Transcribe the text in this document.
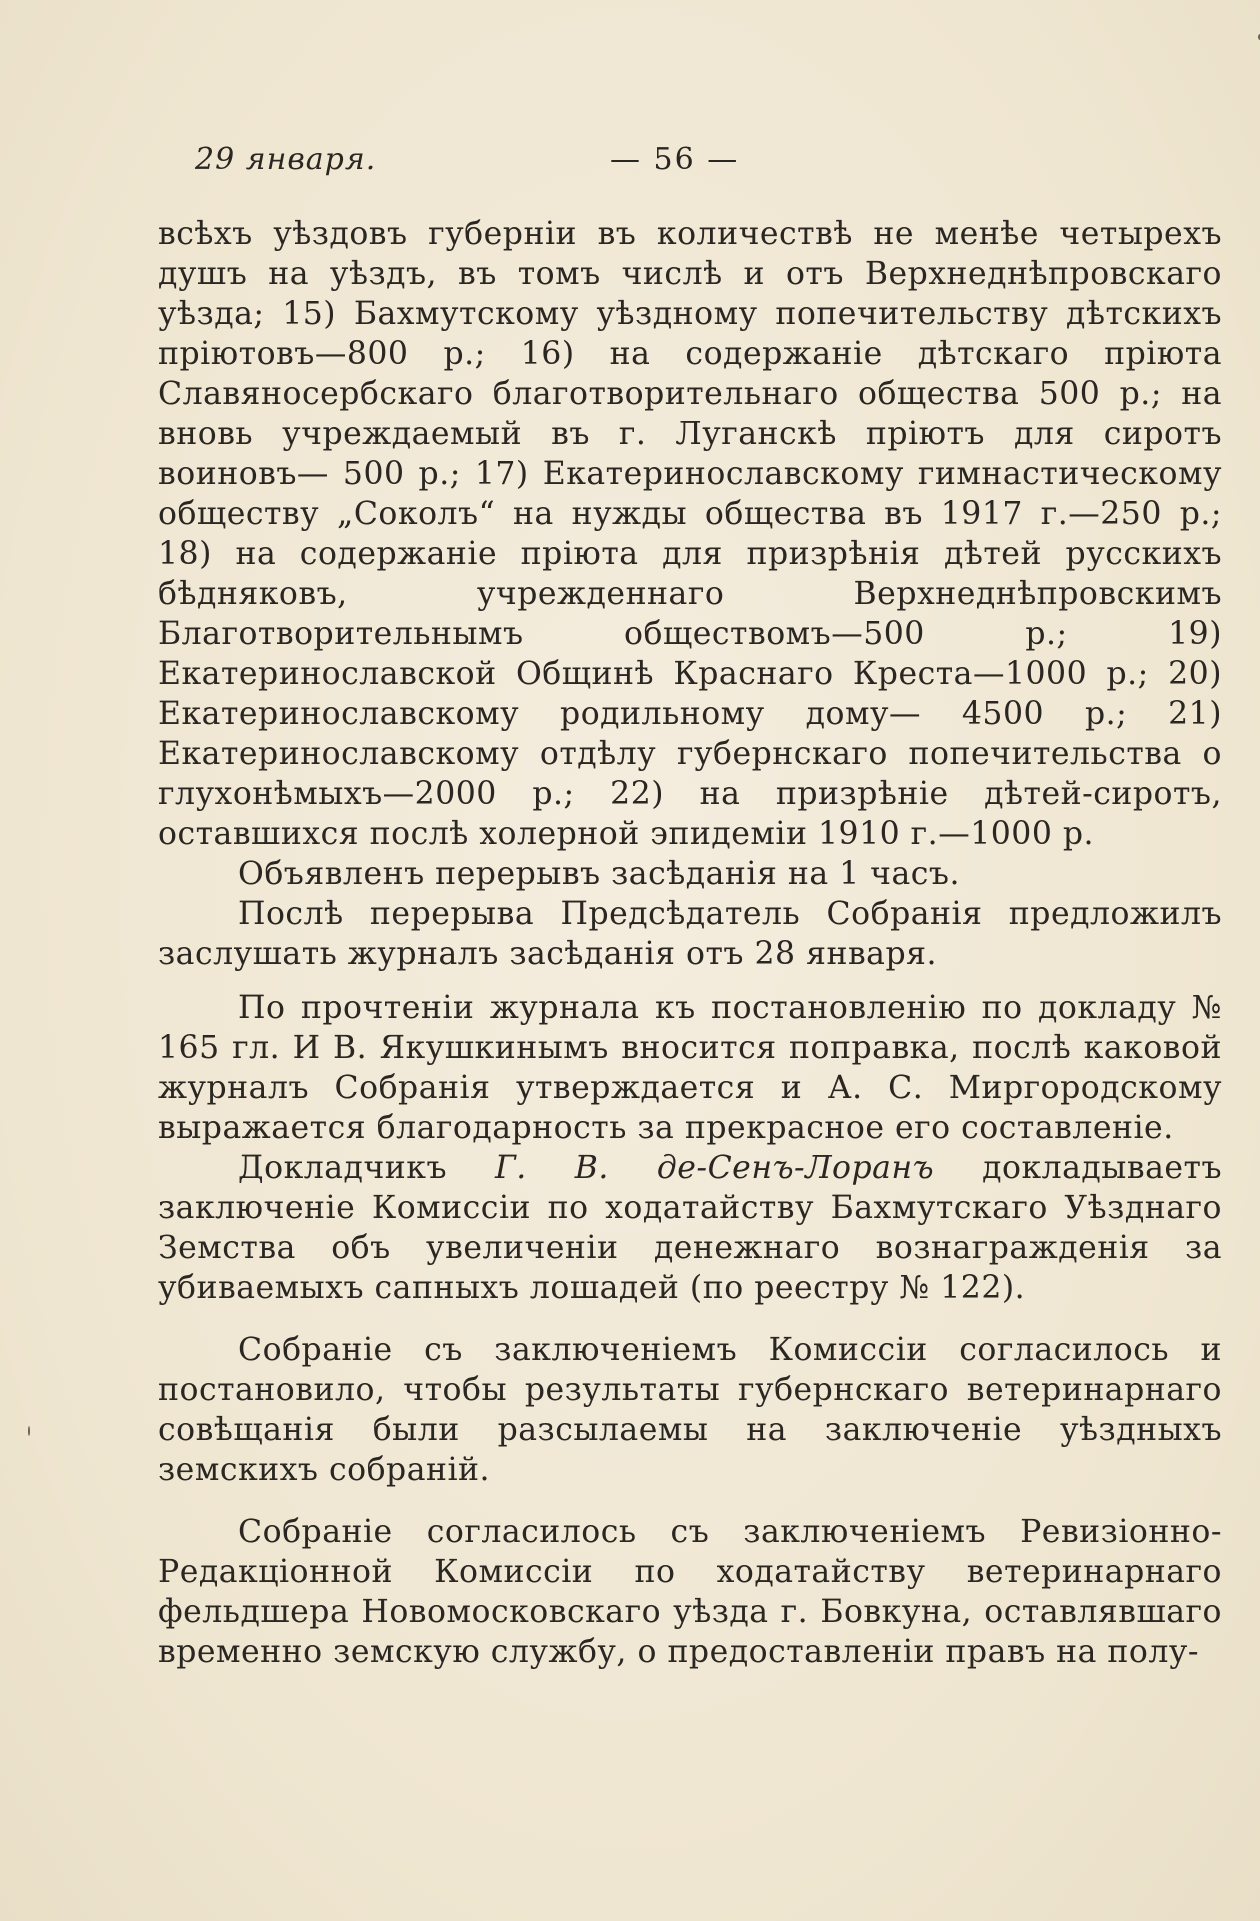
29 января.	— 56 —

всѣхъ уѣздовъ губерніи въ количествѣ не менѣе четырехъ душъ на уѣздъ, въ томъ числѣ и отъ Верхнеднѣпровскаго уѣзда; 15) Бахмутскому уѣздному попечительству дѣтскихъ пріютовъ—800 р.; 16) на содержаніе дѣтскаго пріюта Славяносербскаго благотворительнаго общества 500 р.; на вновь учреждаемый въ г. Луганскѣ пріютъ для сиротъ воиновъ— 500 р.; 17) Екатеринославскому гимнастическому обществу „Соколъ“ на нужды общества въ 1917 г.—250 р.; 18) на содержаніе пріюта для призрѣнія дѣтей русскихъ бѣдняковъ, учрежденнаго Верхнеднѣпровскимъ Благотворительнымъ обществомъ—500 р.; 19) Екатеринославской Общинѣ Краснаго Креста—1000 р.; 20) Екатеринославскому родильному дому— 4500 р.; 21) Екатеринославскому отдѣлу губернскаго попечительства о глухонѣмыхъ—2000 р.; 22) на призрѣніе дѣтей-сиротъ, оставшихся послѣ холерной эпидеміи 1910 г.—1000 р.

Объявленъ перерывъ засѣданія на 1 часъ.

Послѣ перерыва Предсѣдатель Собранія предложилъ заслушать журналъ засѣданія отъ 28 января.

По прочтеніи журнала къ постановленію по докладу № 165 гл. И В. Якушкинымъ вносится поправка, послѣ каковой журналъ Собранія утверждается и А. С. Миргородскому выражается благодарность за прекрасное его составленіе.

Докладчикъ Г. В. де-Сенъ-Лоранъ докладываетъ заключеніе Комиссіи по ходатайству Бахмутскаго Уѣзднаго Земства объ увеличеніи денежнаго вознагражденія за убиваемыхъ сапныхъ лошадей (по реестру № 122).

Собраніе съ заключеніемъ Комиссіи согласилось и постановило, чтобы результаты губернскаго ветеринарнаго совѣщанія были разсылаемы на заключеніе уѣздныхъ земскихъ собраній.

Собраніе согласилось съ заключеніемъ Ревизіонно-Редакціонной Комиссіи по ходатайству ветеринарнаго фельдшера Новомосковскаго уѣзда г. Бовкуна, оставлявшаго временно земскую службу, о предоставленіи правъ на полу-
